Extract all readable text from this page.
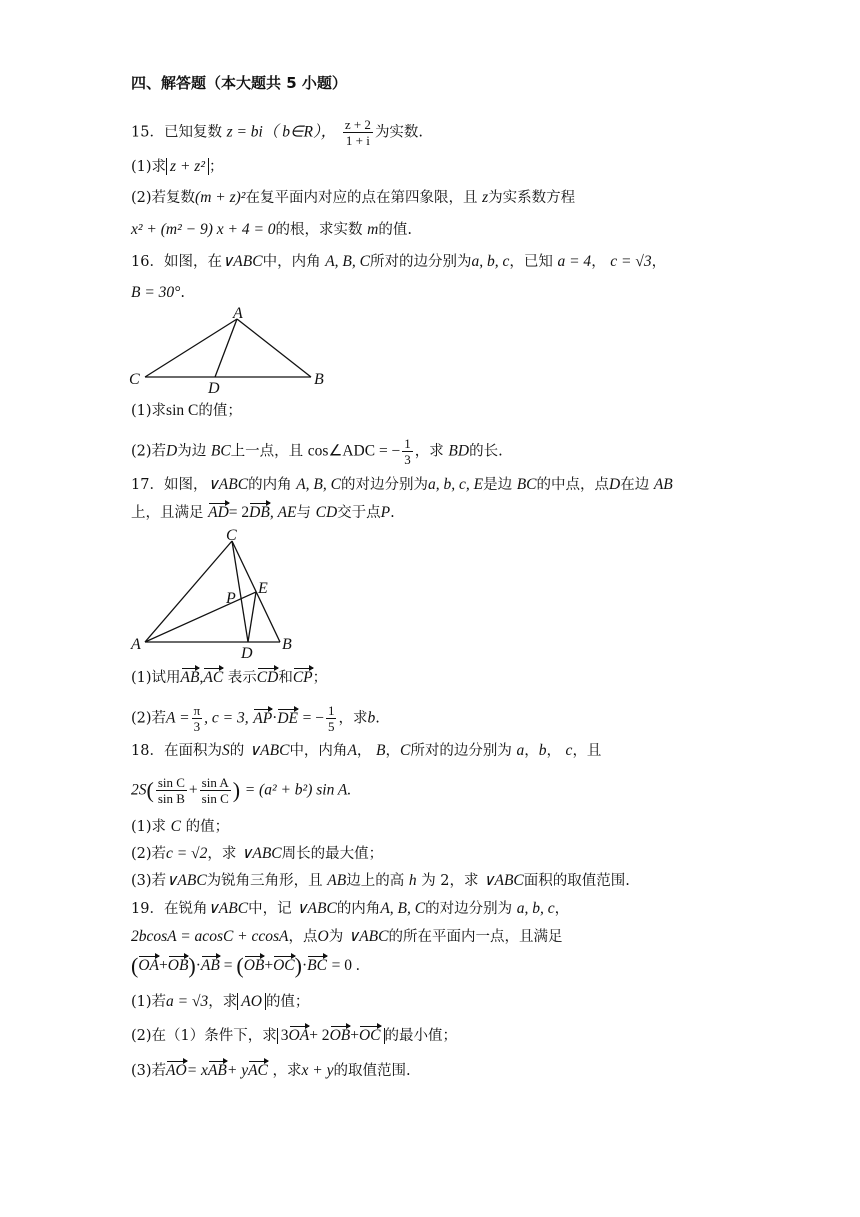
四、解答题（本大题共 5 小题）
15．已知复数 z = bi（ b∈R）， $\frac{z + 2}{1 + i}$ 为实数.
(1)求 z + z² ；
(2)若复数(m + z)²在复平面内对应的点在第四象限，且 z为实系数方程
x² + (m² − 9) x + 4 = 0的根，求实数 m的值.
16．如图，在∨ABC中，内角 A, B, C所对的边分别为a, b, c，已知 a = 4， c = √3，
B = 30°.
A
C	B
D
(1)求sin C的值；
(2)若D为边 BC上一点，且 cos∠ADC = − $\frac{1}{3}$ ，求 BD的长.
17．如图，∨ABC的内角 A, B, C的对边分别为a, b, c, E是边 BC的中点，点D在边 AB
上，且满足 AD= 2DB, AE与 CD交于点P.
C
A	B
D
E
P
(1)试用AB,AC 表示CD和CP；
(2)若$A = \frac{\pi}{3}$ , c = 3, AP·DE = − $\frac{1}{5}$ ，求b.
18．在面积为S的 ∨ABC中，内角A， B，C所对的边分别为 a，b， c，且
$2S( \frac{\text{sin C}}{\text{sin B}} + \frac{\text{sin A}}{\text{sin C}}$ ) = (a² + b²) sin A.
(1)求 C 的值；
(2)若c = √2，求 ∨ABC周长的最大值；
(3)若∨ABC为锐角三角形，且 AB边上的高 h 为 2，求 ∨ABC面积的取值范围.
19．在锐角∨ABC中，记 ∨ABC的内角A, B, C的对边分别为 a, b, c，
2bcosA = acosC + ccosA，点O为 ∨ABC的所在平面内一点，且满足
(OA+OB)·AB = (OB+OC)·BC = 0 .
(1)若a = √3，求 AO 的值；
(2)在（1）条件下，求 3OA+ 2OB+OC 的最小值；
(3)若AO= xAB+ yAC ，求x + y的取值范围.
